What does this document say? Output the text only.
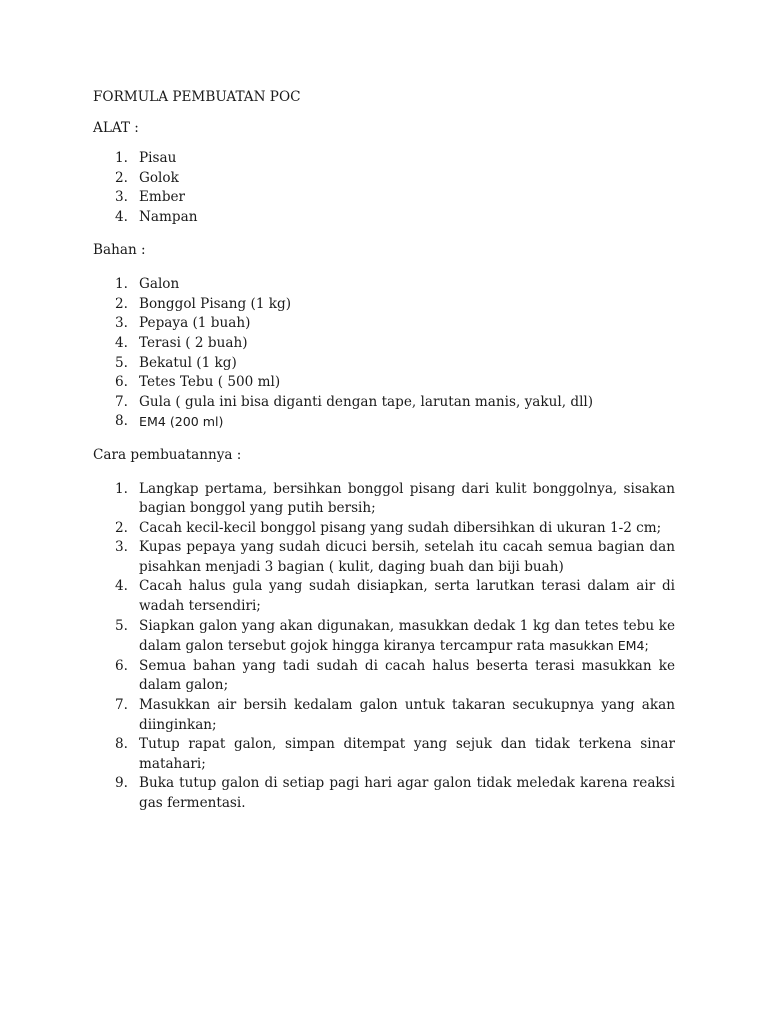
FORMULA PEMBUATAN POC

ALAT :

1. Pisau
2. Golok
3. Ember
4. Nampan

Bahan :

1. Galon
2. Bonggol Pisang (1 kg)
3. Pepaya (1 buah)
4. Terasi ( 2 buah)
5. Bekatul (1 kg)
6. Tetes Tebu ( 500 ml)
7. Gula ( gula ini bisa diganti dengan tape, larutan manis, yakul, dll)
8. EM4 (200 ml)

Cara pembuatannya :

1. Langkap pertama, bersihkan bonggol pisang dari kulit bonggolnya, sisakan bagian bonggol yang putih bersih;
2. Cacah kecil-kecil bonggol pisang yang sudah dibersihkan di ukuran 1-2 cm;
3. Kupas pepaya yang sudah dicuci bersih, setelah itu cacah semua bagian dan pisahkan menjadi 3 bagian ( kulit, daging buah dan biji buah)
4. Cacah halus gula yang sudah disiapkan, serta larutkan terasi dalam air di wadah tersendiri;
5. Siapkan galon yang akan digunakan, masukkan dedak 1 kg dan tetes tebu ke dalam galon tersebut gojok hingga kiranya tercampur rata masukkan EM4;
6. Semua bahan yang tadi sudah di cacah halus beserta terasi masukkan ke dalam galon;
7. Masukkan air bersih kedalam galon untuk takaran secukupnya yang akan diinginkan;
8. Tutup rapat galon, simpan ditempat yang sejuk dan tidak terkena sinar matahari;
9. Buka tutup galon di setiap pagi hari agar galon tidak meledak karena reaksi gas fermentasi.
